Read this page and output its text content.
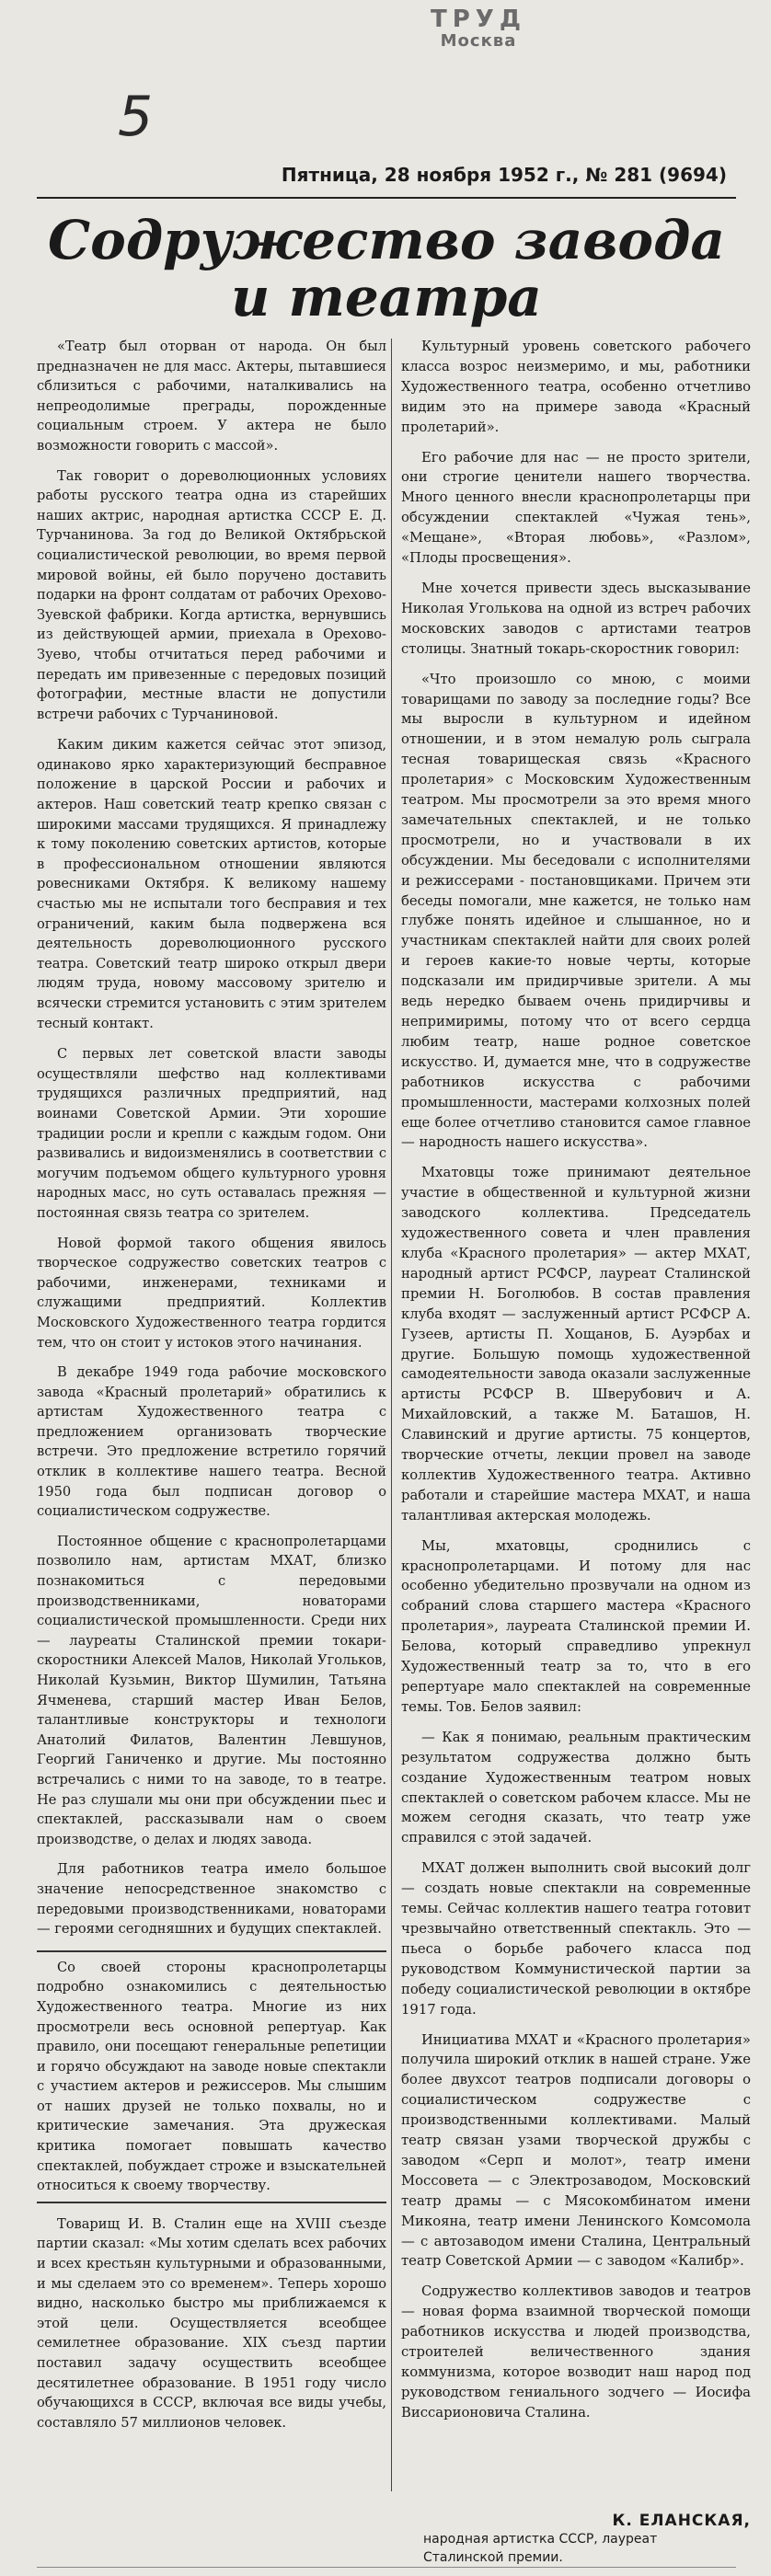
ТРУД
Москва
5
Пятница, 28 ноября 1952 г., № 281 (9694)
Содружество завода
и театра

«Театр был оторван от народа. Он был предназначен не для масс. Актеры, пытавшиеся сблизиться с рабочими, наталкивались на непреодолимые преграды, порожденные социальным строем. У актера не было возможности говорить с массой».

Так говорит о дореволюционных условиях работы русского театра одна из старейших наших актрис, народная артистка СССР Е. Д. Турчанинова. За год до Великой Октябрьской социалистической революции, во время первой мировой войны, ей было поручено доставить подарки на фронт солдатам от рабочих Орехово-Зуевской фабрики. Когда артистка, вернувшись из действующей армии, приехала в Орехово-Зуево, чтобы отчитаться перед рабочими и передать им привезенные с передовых позиций фотографии, местные власти не допустили встречи рабочих с Турчаниновой.

Каким диким кажется сейчас этот эпизод, одинаково ярко характеризующий бесправное положение в царской России и рабочих и актеров. Наш советский театр крепко связан с широкими массами трудящихся. Я принадлежу к тому поколению советских артистов, которые в профессиональном отношении являются ровесниками Октября. К великому нашему счастью мы не испытали того бесправия и тех ограничений, каким была подвержена вся деятельность дореволюционного русского театра. Советский театр широко открыл двери людям труда, новому массовому зрителю и всячески стремится установить с этим зрителем тесный контакт.

С первых лет советской власти заводы осуществляли шефство над коллективами трудящихся различных предприятий, над воинами Советской Армии. Эти хорошие традиции росли и крепли с каждым годом. Они развивались и видоизменялись в соответствии с могучим подъемом общего культурного уровня народных масс, но суть оставалась прежняя — постоянная связь театра со зрителем.

Новой формой такого общения явилось творческое содружество советских театров с рабочими, инженерами, техниками и служащими предприятий. Коллектив Московского Художественного театра гордится тем, что он стоит у истоков этого начинания.

В декабре 1949 года рабочие московского завода «Красный пролетарий» обратились к артистам Художественного театра с предложением организовать творческие встречи. Это предложение встретило горячий отклик в коллективе нашего театра. Весной 1950 года был подписан договор о социалистическом содружестве.

Постоянное общение с краснопролетарцами позволило нам, артистам МХАТ, близко познакомиться с передовыми производственниками, новаторами социалистической промышленности. Среди них — лауреаты Сталинской премии токари-скоростники Алексей Малов, Николай Угольков, Николай Кузьмин, Виктор Шумилин, Татьяна Ячменева, старший мастер Иван Белов, талантливые конструкторы и технологи Анатолий Филатов, Валентин Левшунов, Георгий Ганиченко и другие. Мы постоянно встречались с ними то на заводе, то в театре. Не раз слушали мы они при обсуждении пьес и спектаклей, рассказывали нам о своем производстве, о делах и людях завода.

Для работников театра имело большое значение непосредственное знакомство с передовыми производственниками, новаторами — героями сегодняшних и будущих спектаклей.

Со своей стороны краснопролетарцы подробно ознакомились с деятельностью Художественного театра. Многие из них просмотрели весь основной репертуар. Как правило, они посещают генеральные репетиции и горячо обсуждают на заводе новые спектакли с участием актеров и режиссеров. Мы слышим от наших друзей не только похвалы, но и критические замечания. Эта дружеская критика помогает повышать качество спектаклей, побуждает строже и взыскательней относиться к своему творчеству.

Товарищ И. В. Сталин еще на XVIII съезде партии сказал: «Мы хотим сделать всех рабочих и всех крестьян культурными и образованными, и мы сделаем это со временем». Теперь хорошо видно, насколько быстро мы приближаемся к этой цели. Осуществляется всеобщее семилетнее образование. XIX съезд партии поставил задачу осуществить всеобщее десятилетнее образование. В 1951 году число обучающихся в СССР, включая все виды учебы, составляло 57 миллионов человек.

Культурный уровень советского рабочего класса возрос неизмеримо, и мы, работники Художественного театра, особенно отчетливо видим это на примере завода «Красный пролетарий».

Его рабочие для нас — не просто зрители, они строгие ценители нашего творчества. Много ценного внесли краснопролетарцы при обсуждении спектаклей «Чужая тень», «Мещане», «Вторая любовь», «Разлом», «Плоды просвещения».

Мне хочется привести здесь высказывание Николая Уголькова на одной из встреч рабочих московских заводов с артистами театров столицы. Знатный токарь-скоростник говорил:

«Что произошло со мною, с моими товарищами по заводу за последние годы? Все мы выросли в культурном и идейном отношении, и в этом немалую роль сыграла тесная товарищеская связь «Красного пролетария» с Московским Художественным театром. Мы просмотрели за это время много замечательных спектаклей, и не только просмотрели, но и участвовали в их обсуждении. Мы беседовали с исполнителями и режиссерами - постановщиками. Причем эти беседы помогали, мне кажется, не только нам глубже понять идейное и слышанное, но и участникам спектаклей найти для своих ролей и героев какие-то новые черты, которые подсказали им придирчивые зрители. А мы ведь нередко бываем очень придирчивы и непримиримы, потому что от всего сердца любим театр, наше родное советское искусство. И, думается мне, что в содружестве работников искусства с рабочими промышленности, мастерами колхозных полей еще более отчетливо становится самое главное — народность нашего искусства».

Мхатовцы тоже принимают деятельное участие в общественной и культурной жизни заводского коллектива. Председатель художественного совета и член правления клуба «Красного пролетария» — актер МХАТ, народный артист РСФСР, лауреат Сталинской премии Н. Боголюбов. В состав правления клуба входят — заслуженный артист РСФСР А. Гузеев, артисты П. Хощанов, Б. Ауэрбах и другие. Большую помощь художественной самодеятельности завода оказали заслуженные артисты РСФСР В. Шверубович и А. Михайловский, а также М. Баташов, Н. Славинский и другие артисты. 75 концертов, творческие отчеты, лекции провел на заводе коллектив Художественного театра. Активно работали и старейшие мастера МХАТ, и наша талантливая актерская молодежь.

Мы, мхатовцы, сроднились с краснопролетарцами. И потому для нас особенно убедительно прозвучали на одном из собраний слова старшего мастера «Красного пролетария», лауреата Сталинской премии И. Белова, который справедливо упрекнул Художественный театр за то, что в его репертуаре мало спектаклей на современные темы. Тов. Белов заявил:

— Как я понимаю, реальным практическим результатом содружества должно быть создание Художественным театром новых спектаклей о советском рабочем классе. Мы не можем сегодня сказать, что театр уже справился с этой задачей.

МХАТ должен выполнить свой высокий долг — создать новые спектакли на современные темы. Сейчас коллектив нашего театра готовит чрезвычайно ответственный спектакль. Это — пьеса о борьбе рабочего класса под руководством Коммунистической партии за победу социалистической революции в октябре 1917 года.

Инициатива МХАТ и «Красного пролетария» получила широкий отклик в нашей стране. Уже более двухсот театров подписали договоры о социалистическом содружестве с производственными коллективами. Малый театр связан узами творческой дружбы с заводом «Серп и молот», театр имени Моссовета — с Электрозаводом, Московский театр драмы — с Мясокомбинатом имени Микояна, театр имени Ленинского Комсомола — с автозаводом имени Сталина, Центральный театр Советской Армии — с заводом «Калибр».

Содружество коллективов заводов и театров — новая форма взаимной творческой помощи работников искусства и людей производства, строителей величественного здания коммунизма, которое возводит наш народ под руководством гениального зодчего — Иосифа Виссарионовича Сталина.

К. ЕЛАНСКАЯ,
народная артистка СССР, лауреат
Сталинской премии.
